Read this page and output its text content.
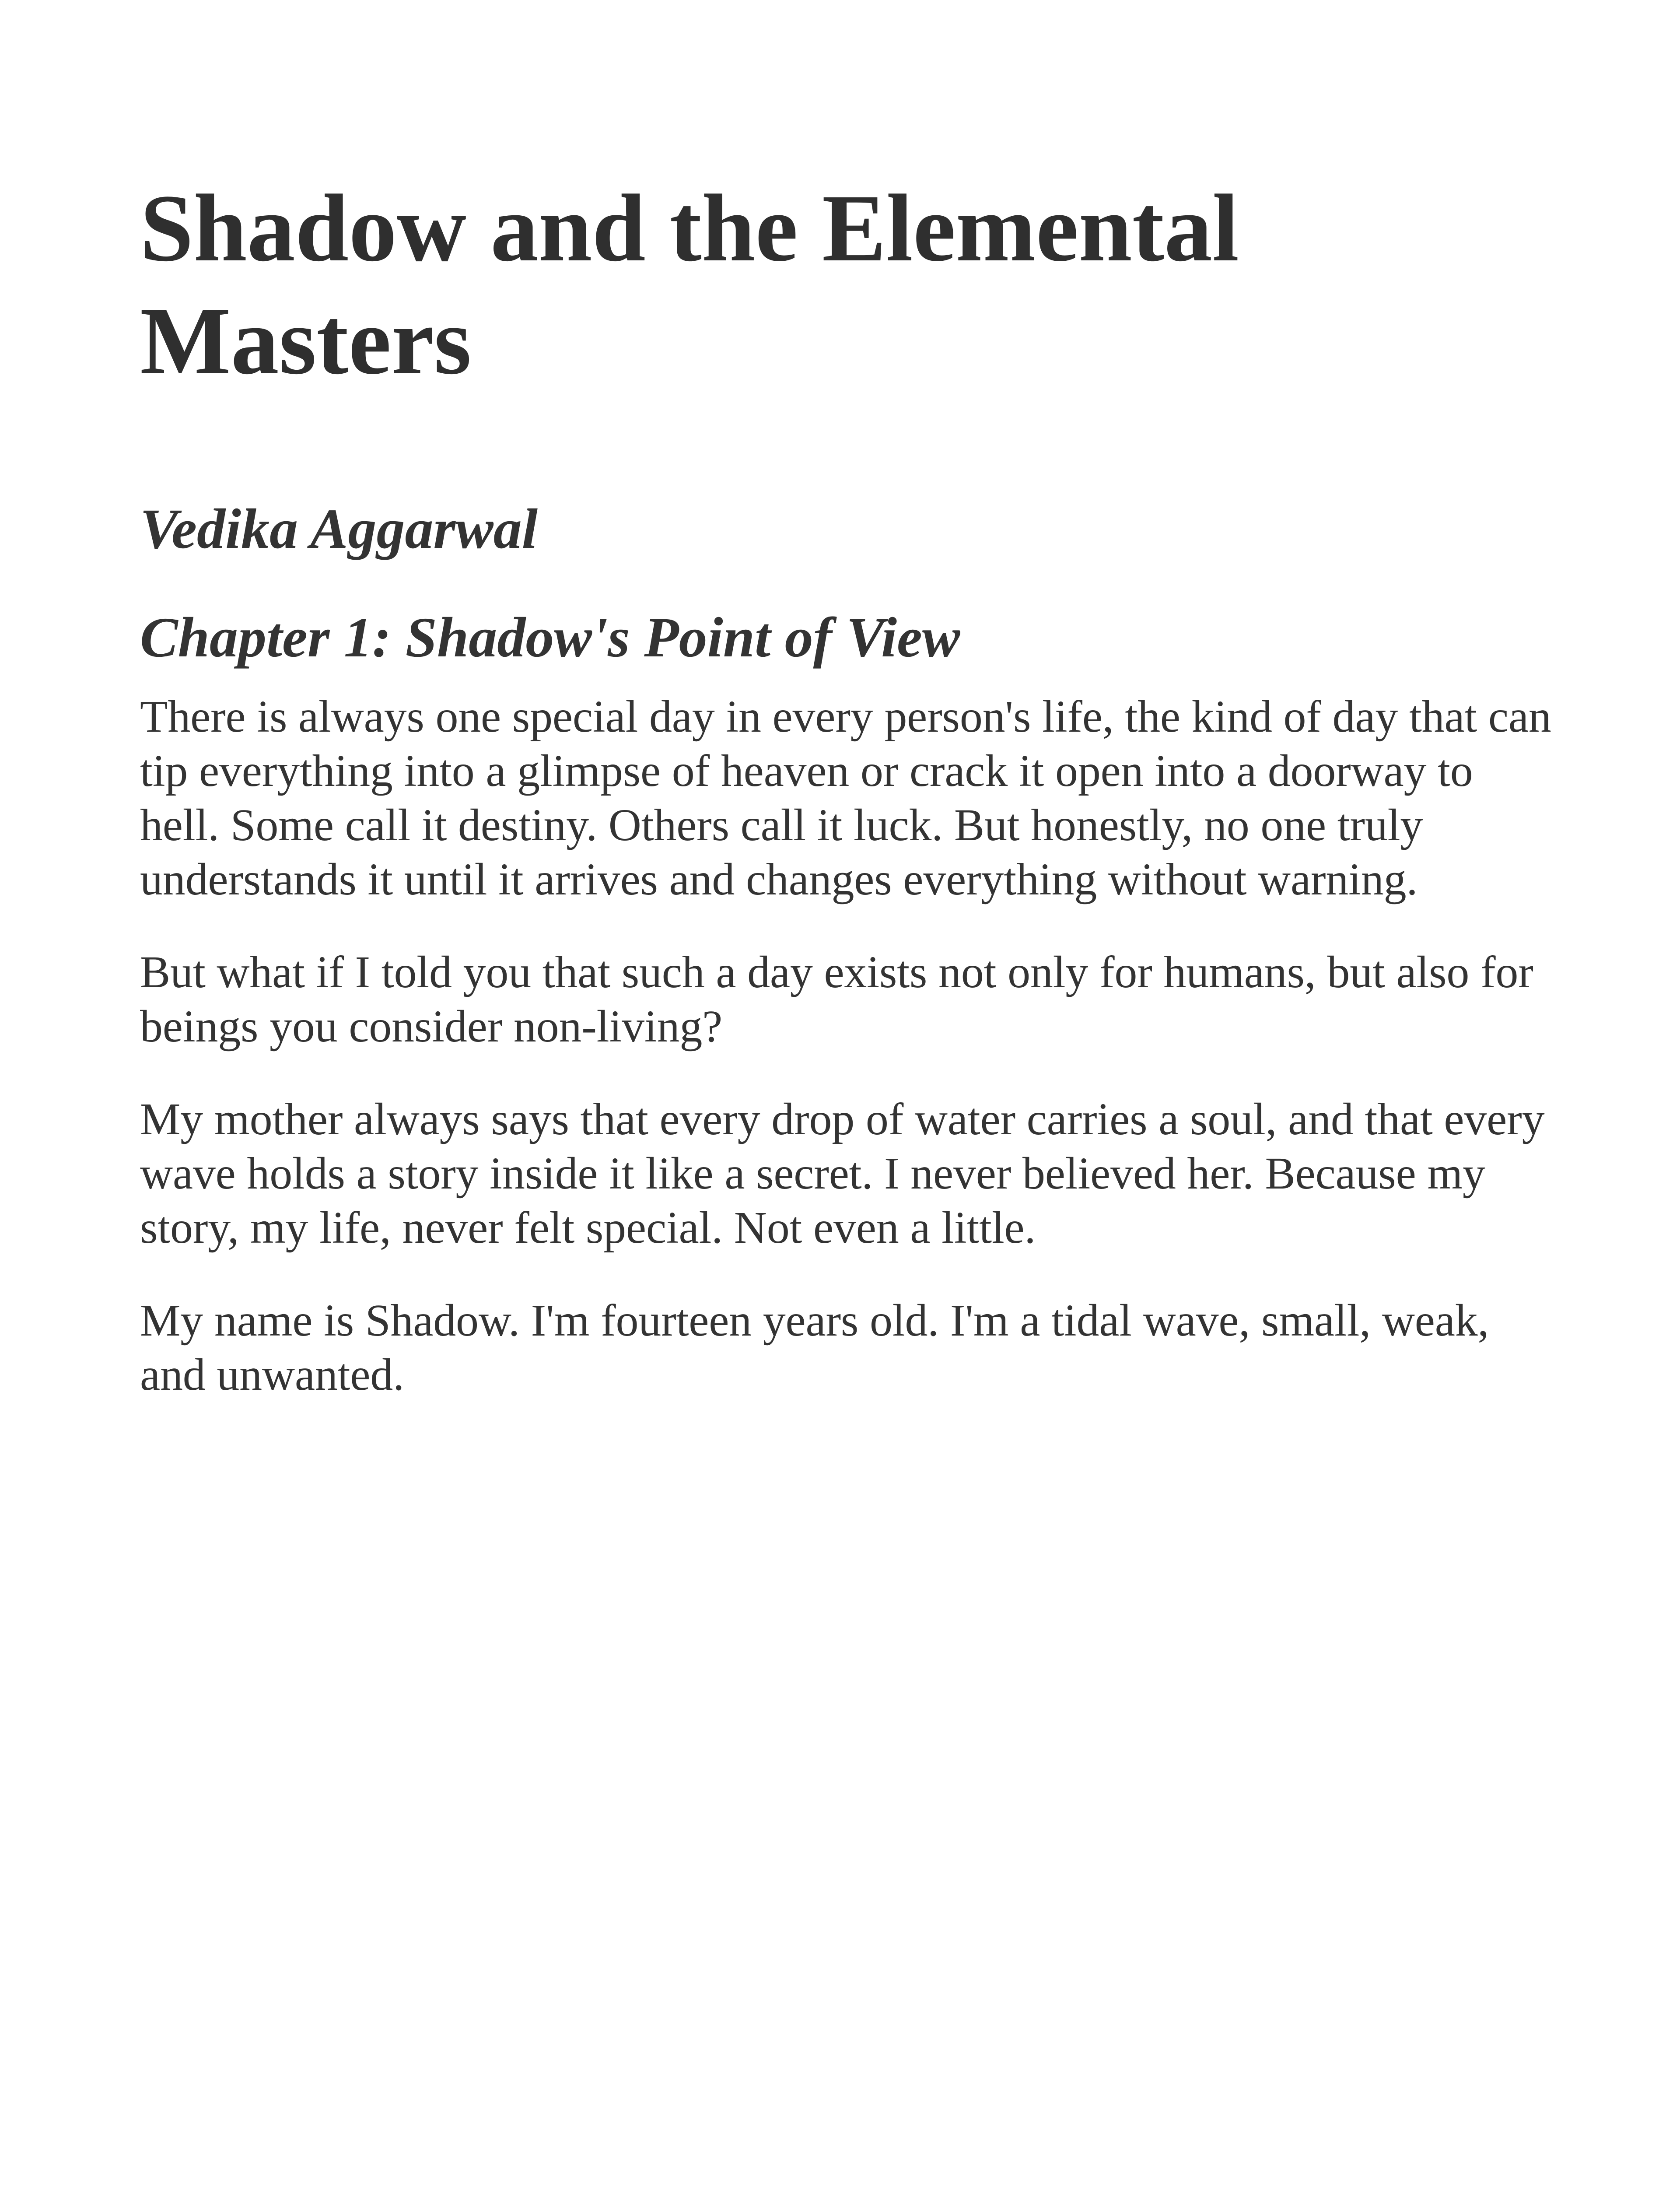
Shadow and the Elemental Masters
Vedika Aggarwal
Chapter 1: Shadow's Point of View

There is always one special day in every person's life, the kind of day that can tip everything into a glimpse of heaven or crack it open into a doorway to hell. Some call it destiny. Others call it luck. But honestly, no one truly understands it until it arrives and changes everything without warning.

But what if I told you that such a day exists not only for humans, but also for beings you consider non-living?

My mother always says that every drop of water carries a soul, and that every wave holds a story inside it like a secret. I never believed her. Because my story, my life, never felt special. Not even a little.

My name is Shadow. I'm fourteen years old. I'm a tidal wave, small, weak, and unwanted.
